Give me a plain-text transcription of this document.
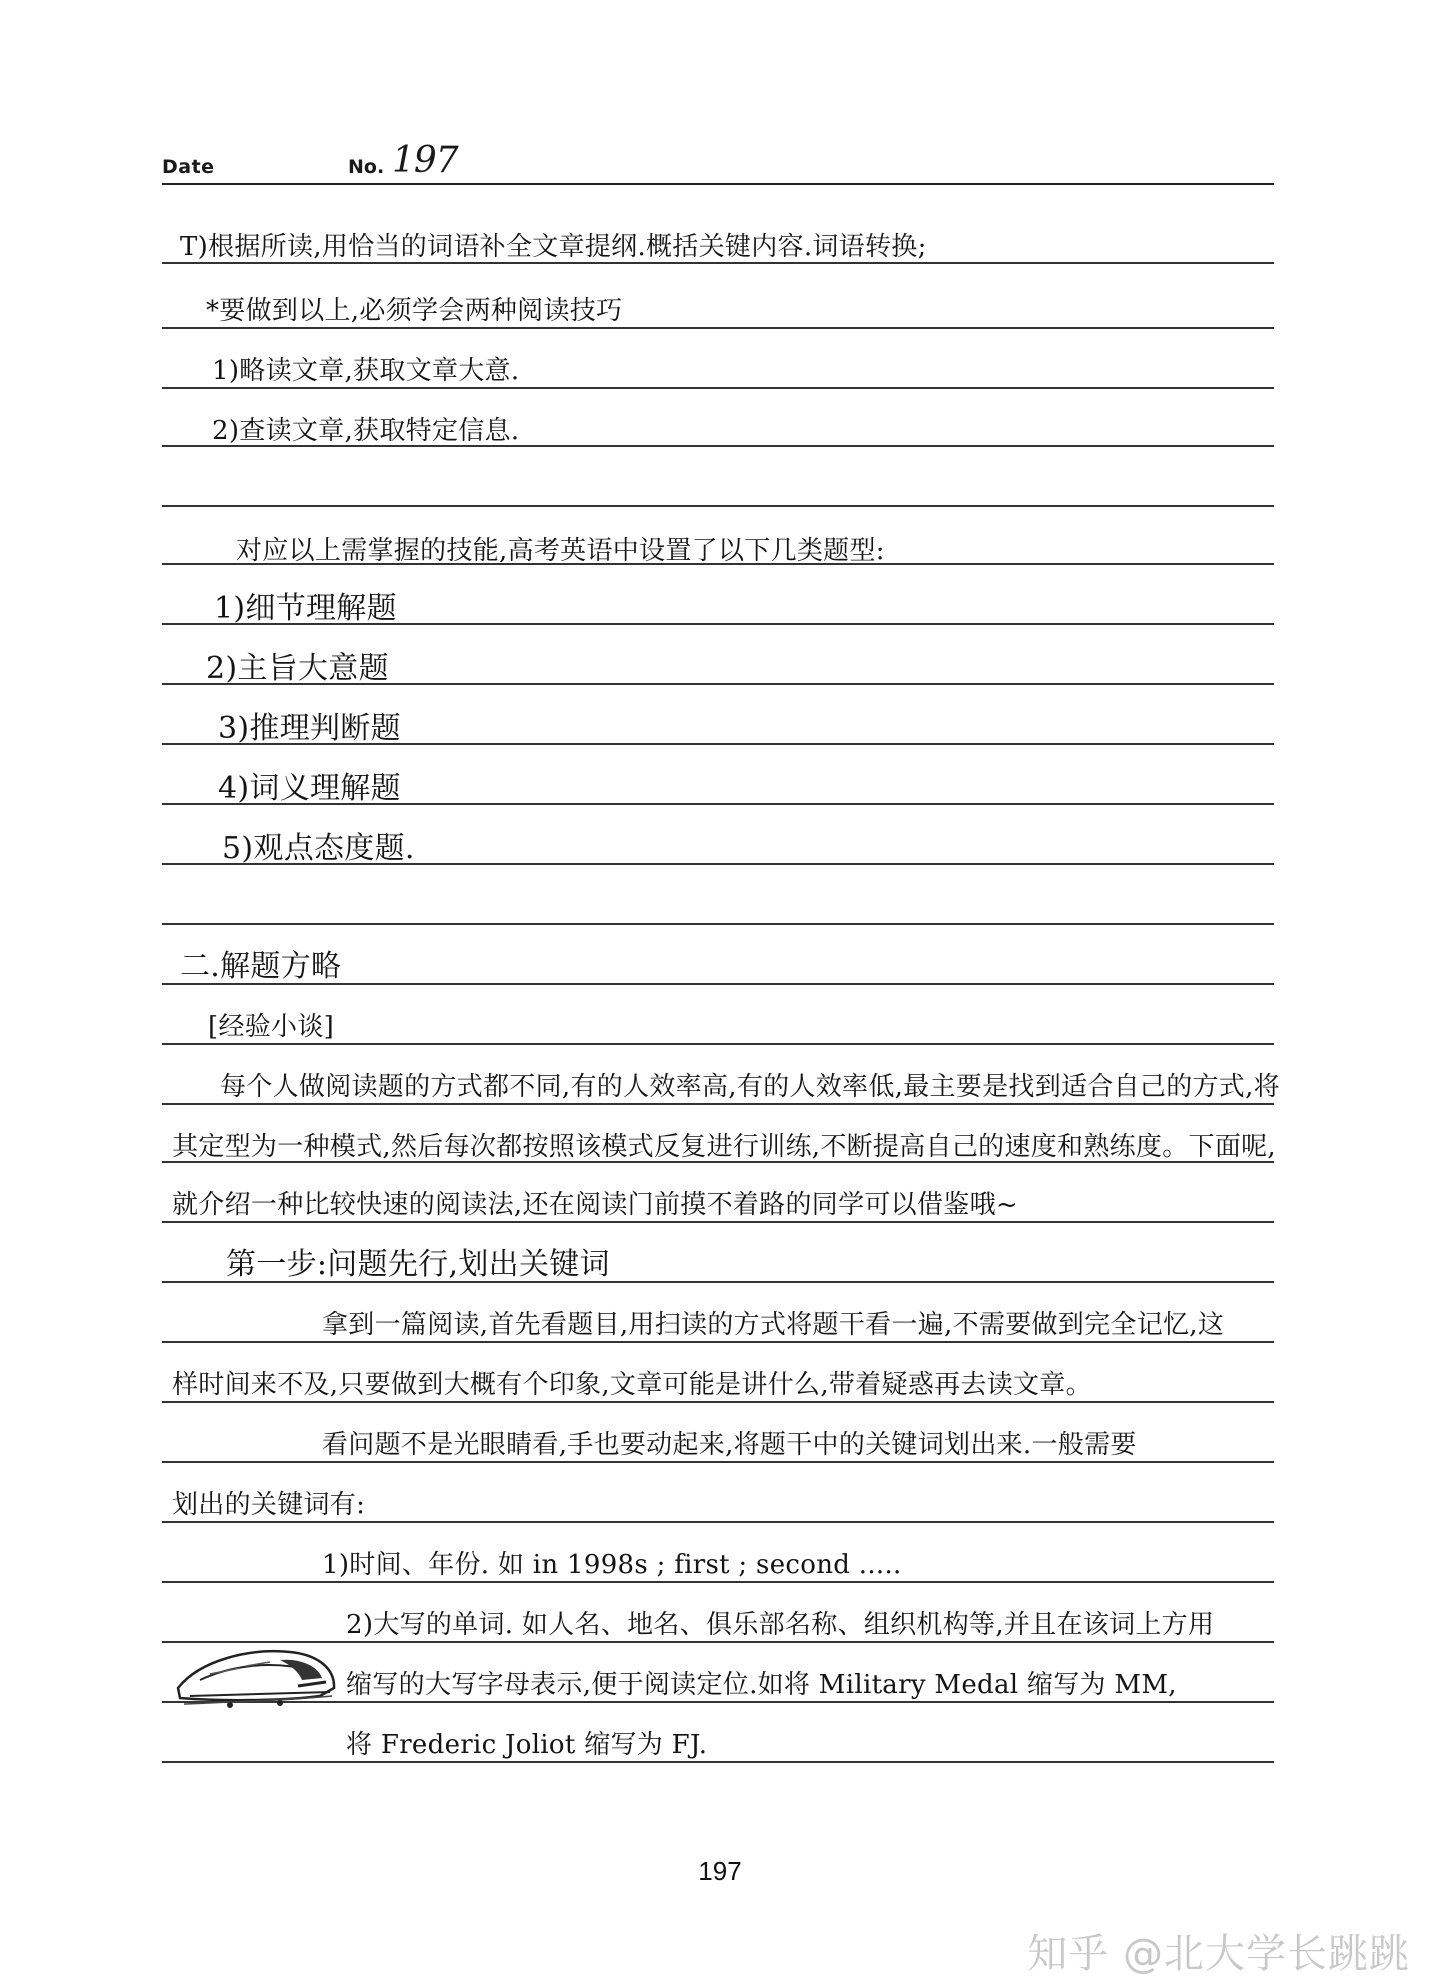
Date	No. 197
T)根据所读,用恰当的词语补全文章提纲.概括关键内容.词语转换;
*要做到以上,必须学会两种阅读技巧
1)略读文章,获取文章大意.
2)查读文章,获取特定信息.
对应以上需掌握的技能,高考英语中设置了以下几类题型:
1)细节理解题
2)主旨大意题
3)推理判断题
4)词义理解题
5)观点态度题.
二.解题方略
[经验小谈]
每个人做阅读题的方式都不同,有的人效率高,有的人效率低,最主要是找到适合自己的方式,将
其定型为一种模式,然后每次都按照该模式反复进行训练,不断提高自己的速度和熟练度。下面呢,
就介绍一种比较快速的阅读法,还在阅读门前摸不着路的同学可以借鉴哦~
第一步:问题先行,划出关键词
拿到一篇阅读,首先看题目,用扫读的方式将题干看一遍,不需要做到完全记忆,这
样时间来不及,只要做到大概有个印象,文章可能是讲什么,带着疑惑再去读文章。
看问题不是光眼睛看,手也要动起来,将题干中的关键词划出来.一般需要
划出的关键词有:
1)时间、年份. 如 in 1998s ; first ; second .....
2)大写的单词. 如人名、地名、俱乐部名称、组织机构等,并且在该词上方用
缩写的大写字母表示,便于阅读定位.如将 Military Medal 缩写为 MM,
将 Frederic Joliot 缩写为 FJ.
197
知乎 @北大学长跳跳
